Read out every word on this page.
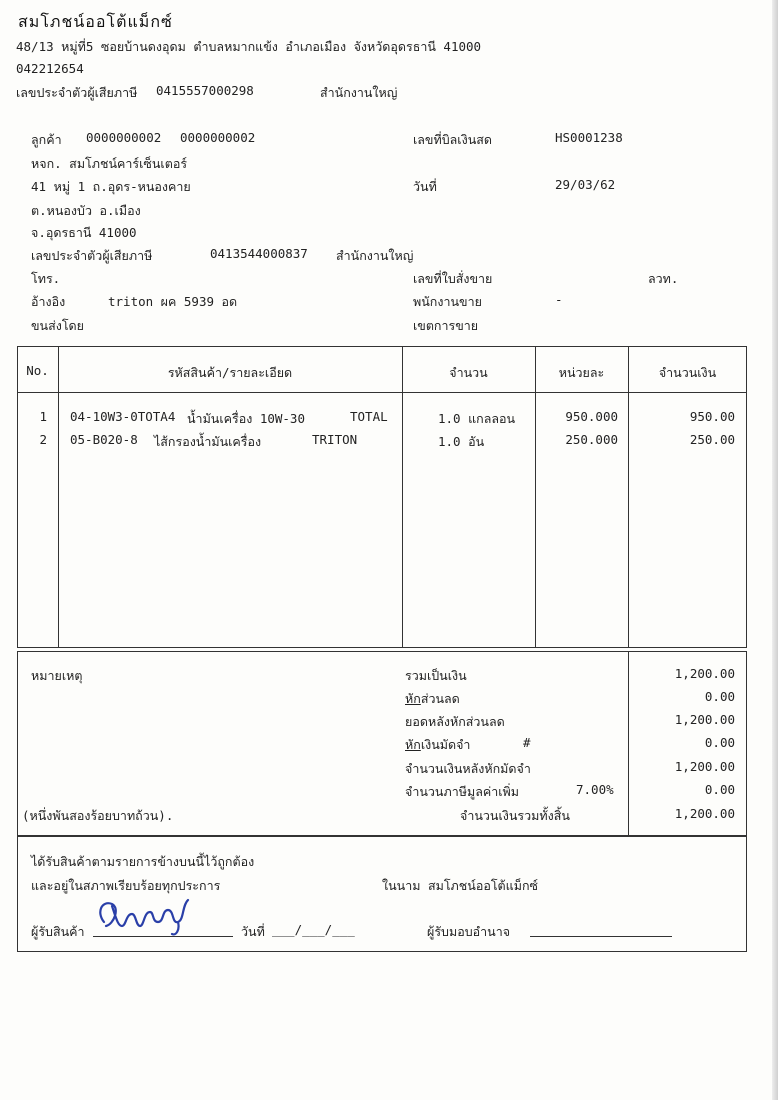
สมโภชน์ออโต้แม็กซ์
48/13 หมู่ที่5 ซอยบ้านดงอุดม ตำบลหมากแข้ง อำเภอเมือง จังหวัดอุดรธานี 41000
042212654
เลขประจำตัวผู้เสียภาษี 0415557000298	สำนักงานใหญ่
ลูกค้า 0000000002 0000000002
หจก. สมโภชน์คาร์เซ็นเตอร์
41 หมู่ 1 ถ.อุดร-หนองคาย
ต.หนองบัว อ.เมือง
จ.อุดรธานี 41000
เลขประจำตัวผู้เสียภาษี	0413544000837 สำนักงานใหญ่
โทร.
อ้างอิง	triton ผค 5939 อด
ขนส่งโดย
เลขที่บิลเงินสด	HS0001238
วันที่	29/03/62
เลขที่ใบสั่งขาย	ลวท.
พนักงานขาย	-
เขตการขาย
No.	รหัสสินค้า/รายละเอียด	จำนวน	หน่วยละ	จำนวนเงิน
1 04-10W3-0TOTA4 น้ำมันเครื่อง 10W-30	TOTAL	1.0 แกลลอน	950.000	950.00
2 05-B020-8 ไส้กรองน้ำมันเครื่อง	TRITON	1.0 อัน	250.000	250.00
หมายเหตุ
(หนึ่งพันสองร้อยบาทถ้วน).
รวมเป็นเงิน	1,200.00
หักส่วนลด	0.00
ยอดหลังหักส่วนลด	1,200.00
หักเงินมัดจำ	#	0.00
จำนวนเงินหลังหักมัดจำ	1,200.00
จำนวนภาษีมูลค่าเพิ่ม	7.00%	0.00
จำนวนเงินรวมทั้งสิ้น	1,200.00
ได้รับสินค้าตามรายการข้างบนนี้ไว้ถูกต้อง
และอยู่ในสภาพเรียบร้อยทุกประการ	ในนาม สมโภชน์ออโต้แม็กซ์
ผู้รับสินค้า	วันที่ ___/___/___	ผู้รับมอบอำนาจ
